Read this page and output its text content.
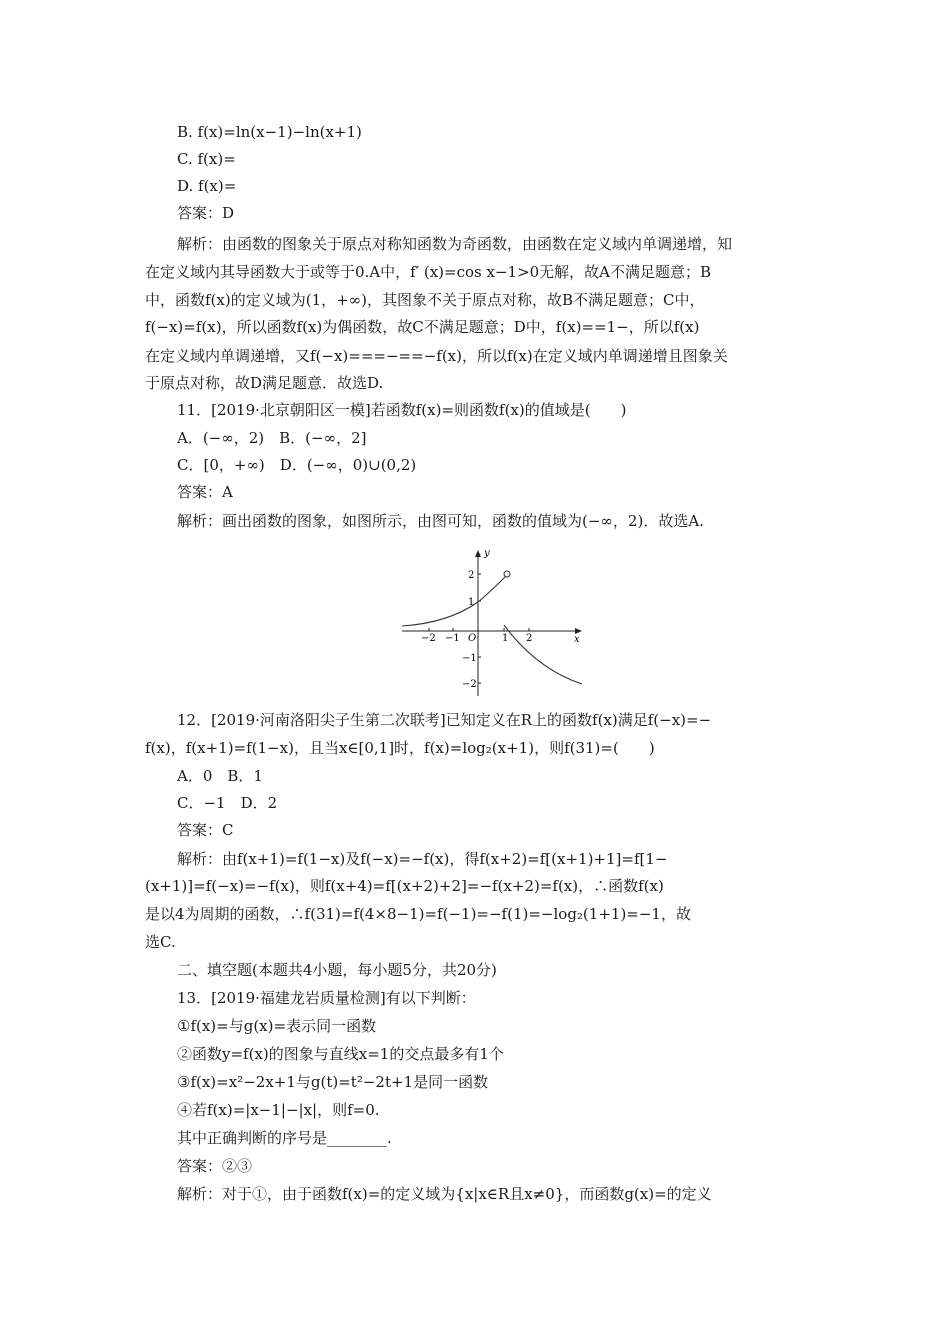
B. f(x)=ln(x−1)−ln(x+1)
C. f(x)=
D. f(x)=
答案：D
解析：由函数的图象关于原点对称知函数为奇函数，由函数在定义域内单调递增，知
在定义域内其导函数大于或等于0.A中，f′ (x)=cos x−1>0无解，故A不满足题意；B
中，函数f(x)的定义域为(1，+∞)，其图象不关于原点对称，故B不满足题意；C中，
f(−x)=f(x)，所以函数f(x)为偶函数，故C不满足题意；D中，f(x)==1−，所以f(x)
在定义域内单调递增，又f(−x)===−==−f(x)，所以f(x)在定义域内单调递增且图象关
于原点对称，故D满足题意．故选D.
11．[2019·北京朝阳区一模]若函数f(x)=则函数f(x)的值域是(　　)
A．(−∞，2)　B．(−∞，2]
C．[0，+∞)　D．(−∞，0)∪(0,2)
答案：A
解析：画出函数的图象，如图所示，由图可知，函数的值域为(−∞，2)．故选A.
y
x
O
−2 −1	1 2
2
1
−1
−2
12．[2019·河南洛阳尖子生第二次联考]已知定义在R上的函数f(x)满足f(−x)=−
f(x)，f(x+1)=f(1−x)，且当x∈[0,1]时，f(x)=log₂(x+1)，则f(31)=(　　)
A．0　B．1
C．−1　D．2
答案：C
解析：由f(x+1)=f(1−x)及f(−x)=−f(x)，得f(x+2)=f[(x+1)+1]=f[1−
(x+1)]=f(−x)=−f(x)，则f(x+4)=f[(x+2)+2]=−f(x+2)=f(x)，∴函数f(x)
是以4为周期的函数，∴f(31)=f(4×8−1)=f(−1)=−f(1)=−log₂(1+1)=−1，故
选C.
二、填空题(本题共4小题，每小题5分，共20分)
13．[2019·福建龙岩质量检测]有以下判断：
①f(x)=与g(x)=表示同一函数
②函数y=f(x)的图象与直线x=1的交点最多有1个
③f(x)=x²−2x+1与g(t)=t²−2t+1是同一函数
④若f(x)=|x−1|−|x|，则f=0.
其中正确判断的序号是________.
答案：②③
解析：对于①，由于函数f(x)=的定义域为{x|x∈R且x≠0}，而函数g(x)=的定义
